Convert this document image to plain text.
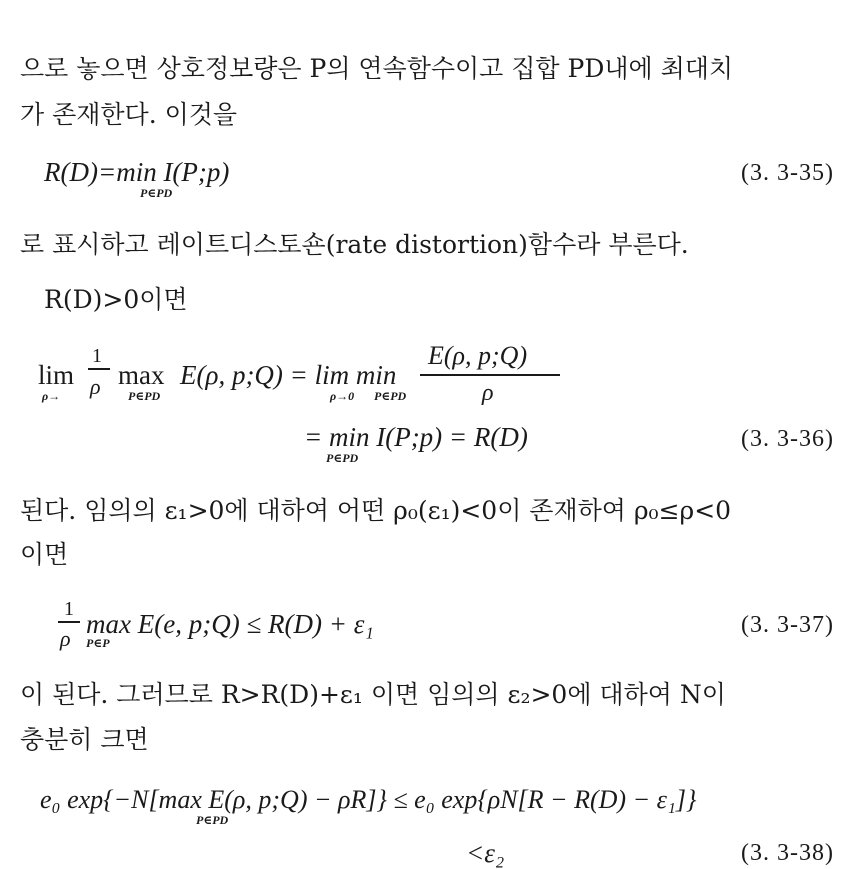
으로 놓으면 상호정보량은 P의 연속함수이고 집합 PD내에 최대치
가 존재한다. 이것을
R(D)=min I(P;p)
P∈PD
(3. 3-35)
로 표시하고 레이트디스토숀(rate distortion)함수라 부른다.
R(D)>0이면
lim
ρ→
1
ρ max
P∈PD
E(ρ, p;Q) = lim min
ρ→0 P∈PD
E(ρ, p;Q)
ρ
= min I(P;p) = R(D)
P∈PD
(3. 3-36)
된다. 임의의 ε₁>0에 대하여 어떤 ρ₀(ε₁)<0이 존재하여 ρ₀≤ρ<0
이면
1
ρ max E(e, p;Q) ≤ R(D) + ε₁
P∈P
(3. 3-37)
이 된다. 그러므로 R>R(D)+ε₁ 이면 임의의 ε₂>0에 대하여 N이
충분히 크면
e₀ exp{−N[max E(ρ, p;Q) − ρR]} ≤ e₀ exp{ρN[R − R(D) − ε₁]}
P∈PD
<ε₂	(3. 3-38)
